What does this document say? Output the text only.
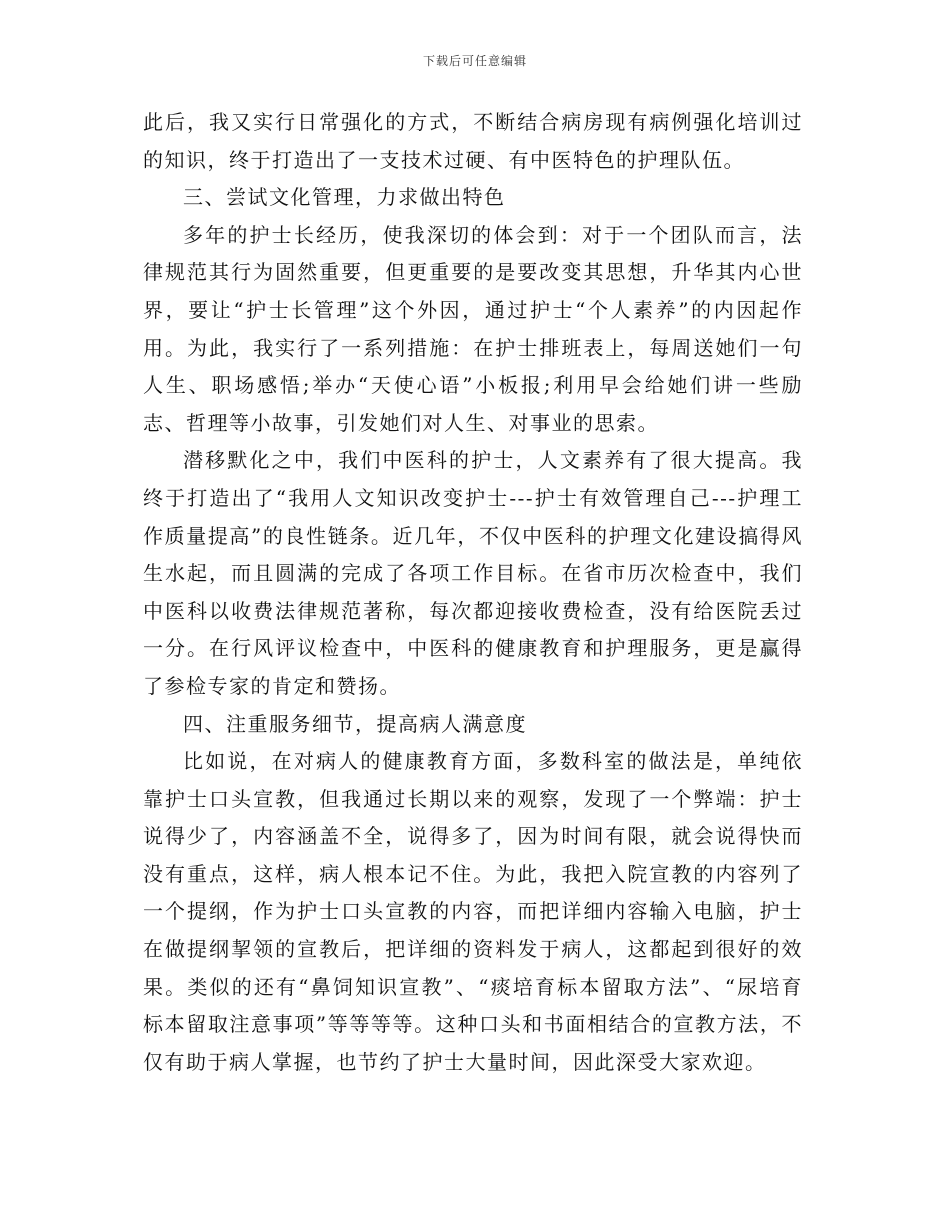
下载后可任意编辑

此后，我又实行日常强化的方式，不断结合病房现有病例强化培训过的知识，终于打造出了一支技术过硬、有中医特色的护理队伍。

三、尝试文化管理，力求做出特色

多年的护士长经历，使我深切的体会到：对于一个团队而言，法律规范其行为固然重要，但更重要的是要改变其思想，升华其内心世界，要让“护士长管理”这个外因，通过护士“个人素养”的内因起作用。为此，我实行了一系列措施：在护士排班表上，每周送她们一句人生、职场感悟;举办“天使心语”小板报;利用早会给她们讲一些励志、哲理等小故事，引发她们对人生、对事业的思索。

潜移默化之中，我们中医科的护士，人文素养有了很大提高。我终于打造出了“我用人文知识改变护士---护士有效管理自己---护理工作质量提高”的良性链条。近几年，不仅中医科的护理文化建设搞得风生水起，而且圆满的完成了各项工作目标。在省市历次检查中，我们中医科以收费法律规范著称，每次都迎接收费检查，没有给医院丢过一分。在行风评议检查中，中医科的健康教育和护理服务，更是赢得了参检专家的肯定和赞扬。

四、注重服务细节，提高病人满意度

比如说，在对病人的健康教育方面，多数科室的做法是，单纯依靠护士口头宣教，但我通过长期以来的观察，发现了一个弊端：护士说得少了，内容涵盖不全，说得多了，因为时间有限，就会说得快而没有重点，这样，病人根本记不住。为此，我把入院宣教的内容列了一个提纲，作为护士口头宣教的内容，而把详细内容输入电脑，护士在做提纲挈领的宣教后，把详细的资料发于病人，这都起到很好的效果。类似的还有“鼻饲知识宣教”、“痰培育标本留取方法”、“尿培育标本留取注意事项”等等等等。这种口头和书面相结合的宣教方法，不仅有助于病人掌握，也节约了护士大量时间，因此深受大家欢迎。
